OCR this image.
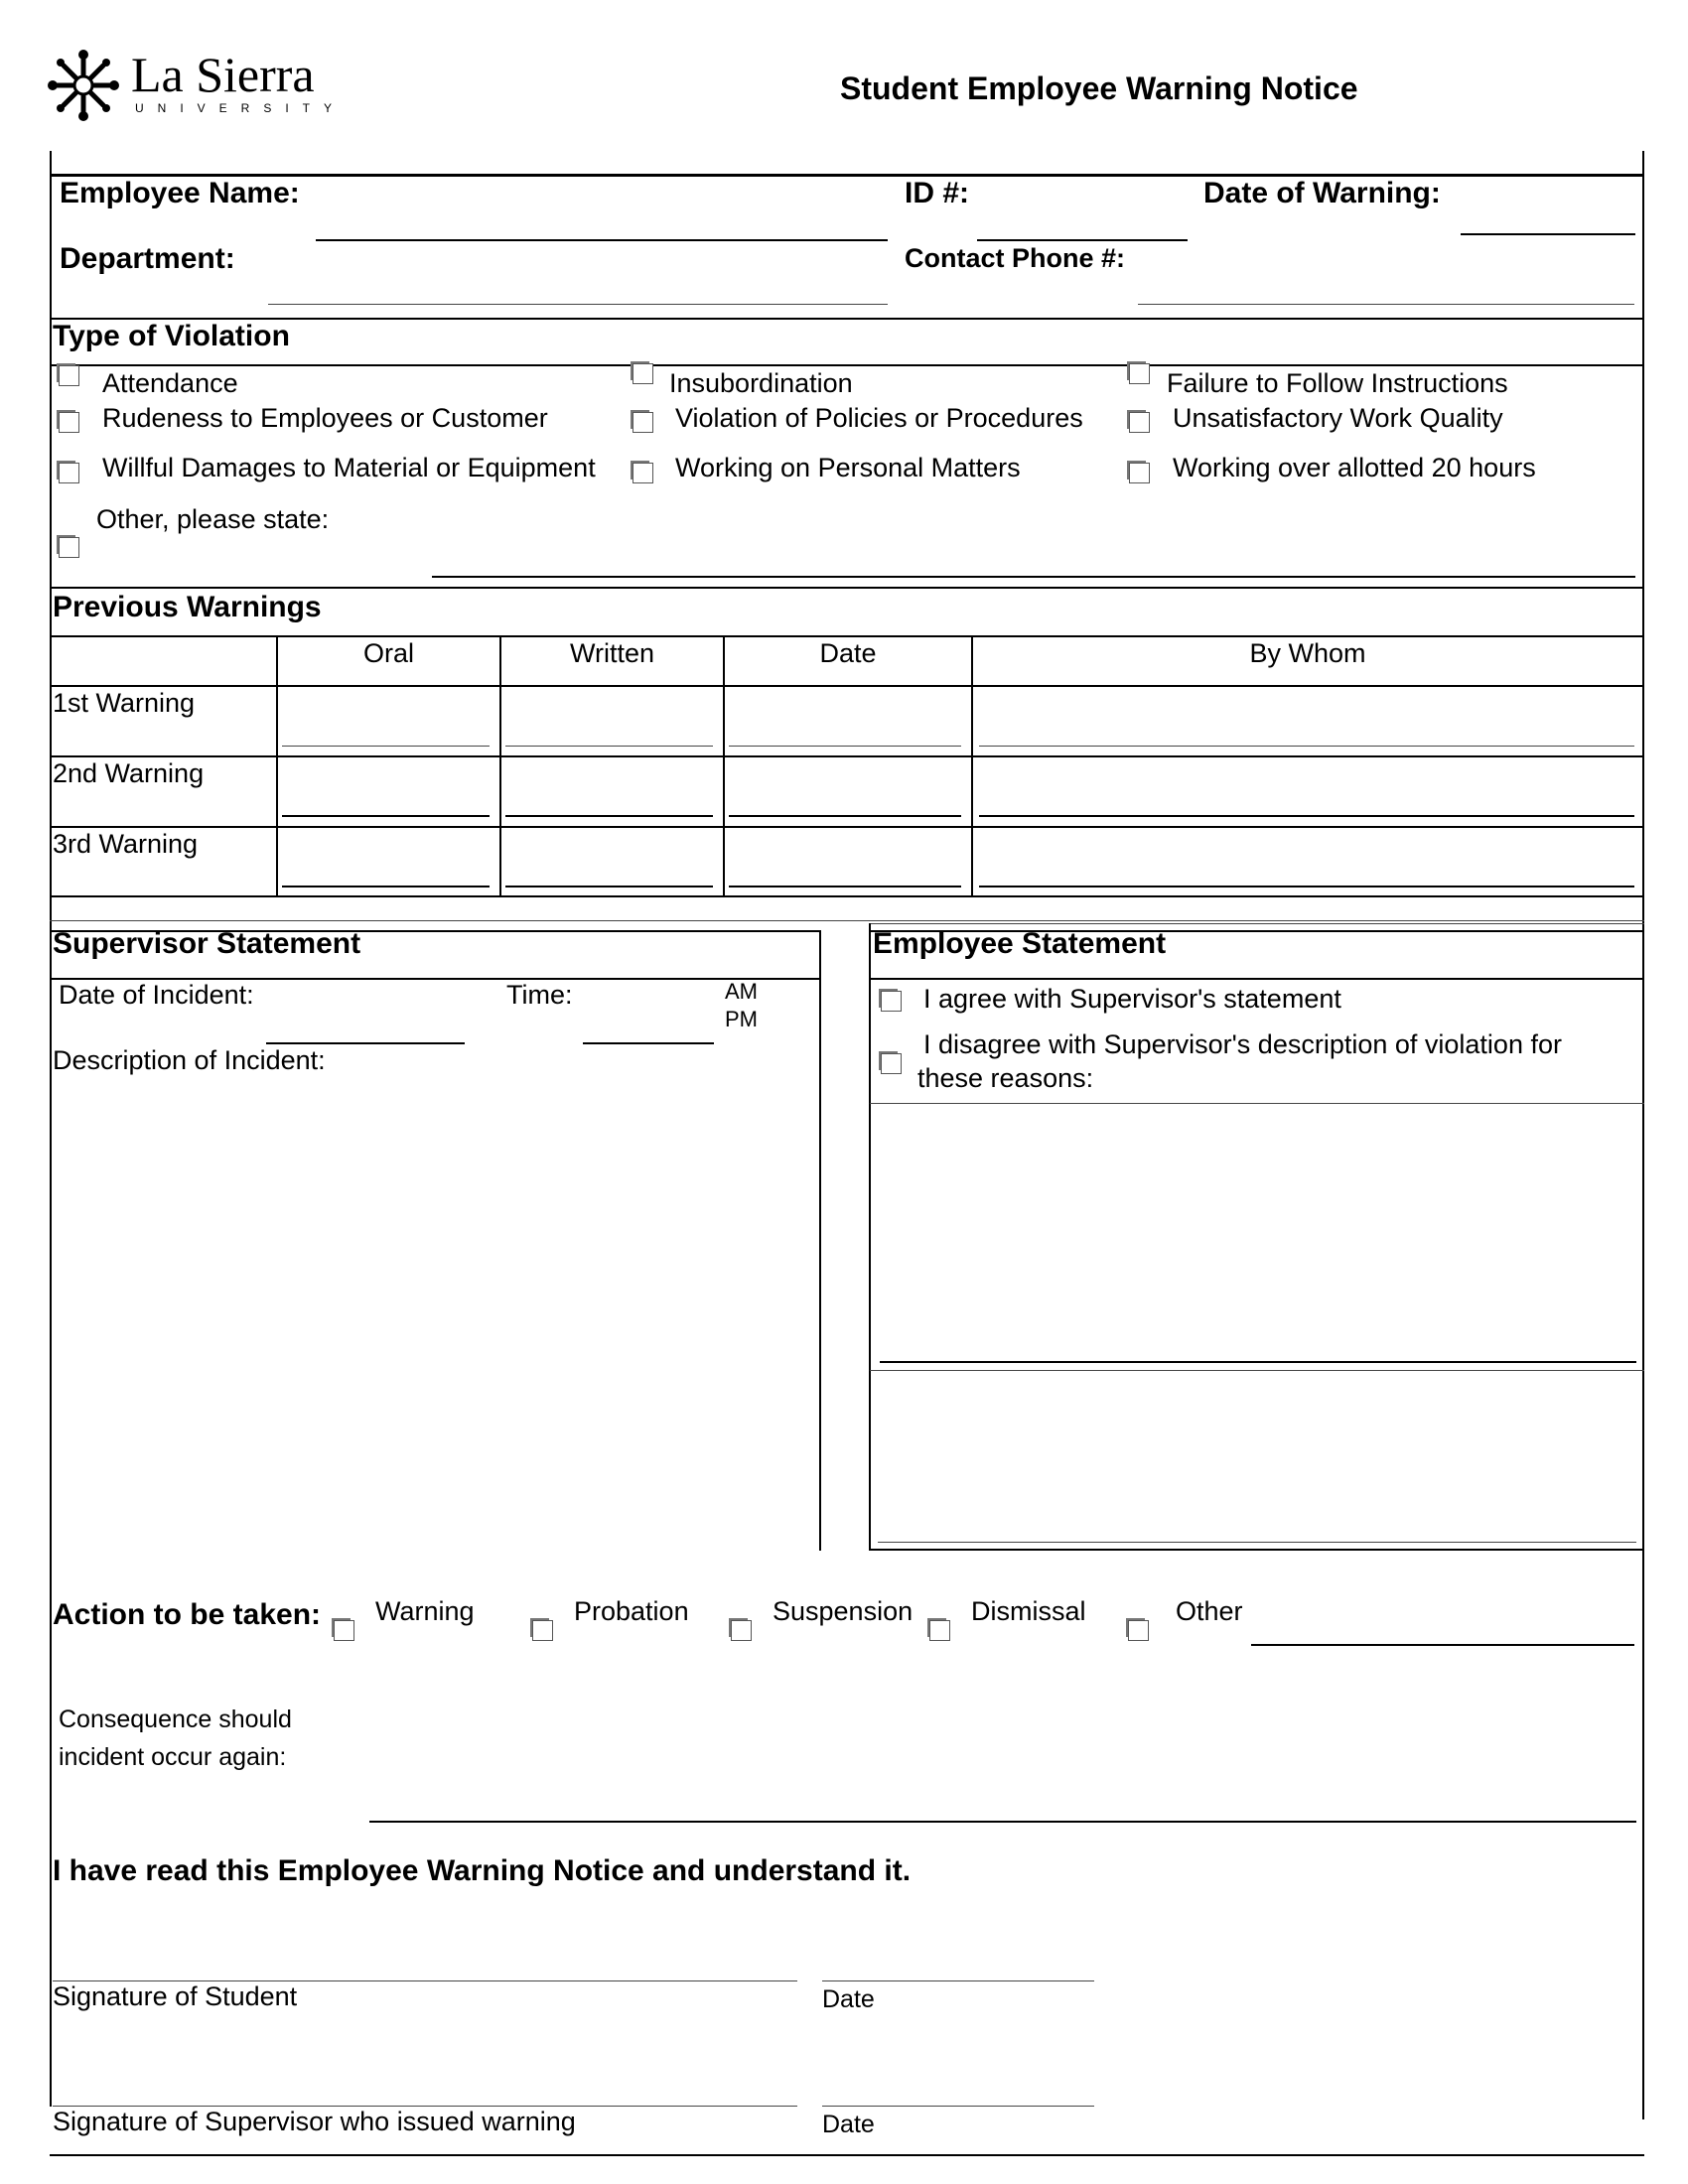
La Sierra
UNIVERSITY
Student Employee Warning Notice
Employee Name:	ID #:	Date of Warning:
Department:	Contact Phone #:
Type of Violation
Attendance	Insubordination	Failure to Follow Instructions
Rudeness to Employees or Customer	Violation of Policies or Procedures	Unsatisfactory Work Quality
Willful Damages to Material or Equipment	Working on Personal Matters	Working over allotted 20 hours
Other, please state:
Previous Warnings
Oral	Written	Date	By Whom
1st Warning
2nd Warning
3rd Warning
Supervisor Statement
Date of Incident:	Time:	AM
PM
Description of Incident:
Employee Statement
I agree with Supervisor's statement
I disagree with Supervisor's description of violation for
these reasons:
Action to be taken: Warning	Probation	Suspension Dismissal	Other
Consequence should
incident occur again:
I have read this Employee Warning Notice and understand it.
Signature of Student	Date
Signature of Supervisor who issued warning	Date
